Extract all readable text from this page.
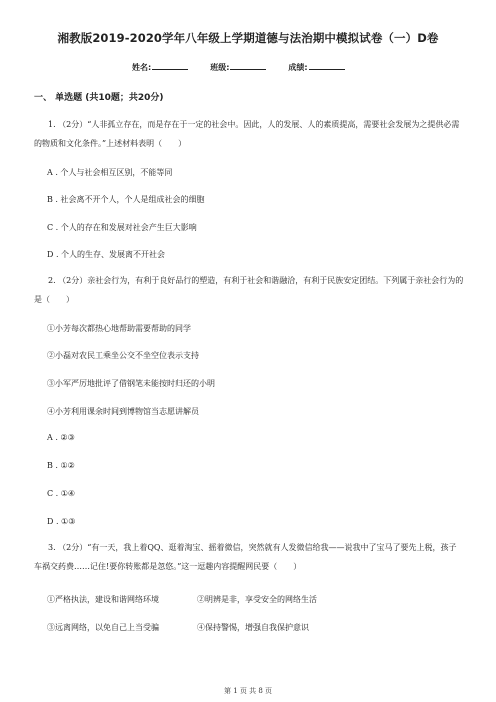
湘教版2019-2020学年八年级上学期道德与法治期中模拟试卷（一）D卷
姓名:	班级:	成绩:
一、 单选题 (共10题；共20分)
1. （2分）“人非孤立存在，而是存在于一定的社会中。因此，人的发展、人的素质提高，需要社会发展为之提供必需的物质和文化条件。”上述材料表明（　　）
A . 个人与社会相互区别，不能等同
B . 社会离不开个人，个人是组成社会的细胞
C . 个人的存在和发展对社会产生巨大影响
D . 个人的生存、发展离不开社会
2. （2分）亲社会行为，有利于良好品行的塑造，有利于社会和谐融洽，有利于民族安定团结。下列属于亲社会行为的是（　　）
①小芳每次都热心地帮助需要帮助的同学
②小磊对农民工乘坐公交不坐空位表示支持
③小军严厉地批评了借钢笔未能按时归还的小明
④小芳利用课余时间到博物馆当志愿讲解员
A . ②③
B . ①②
C . ①④
D . ①③
3. （2分）“有一天，我上着QQ、逛着淘宝、摇着微信，突然就有人发微信给我——说我中了宝马了要先上税，孩子车祸交药费……记住!要你转账都是忽悠。”这一逗趣内容提醒网民要（　　）
①严格执法，建设和谐网络环境	②明辨是非，享受安全的网络生活
③远离网络，以免自己上当受骗	④保持警惕，增强自我保护意识
第 1 页 共 8 页
